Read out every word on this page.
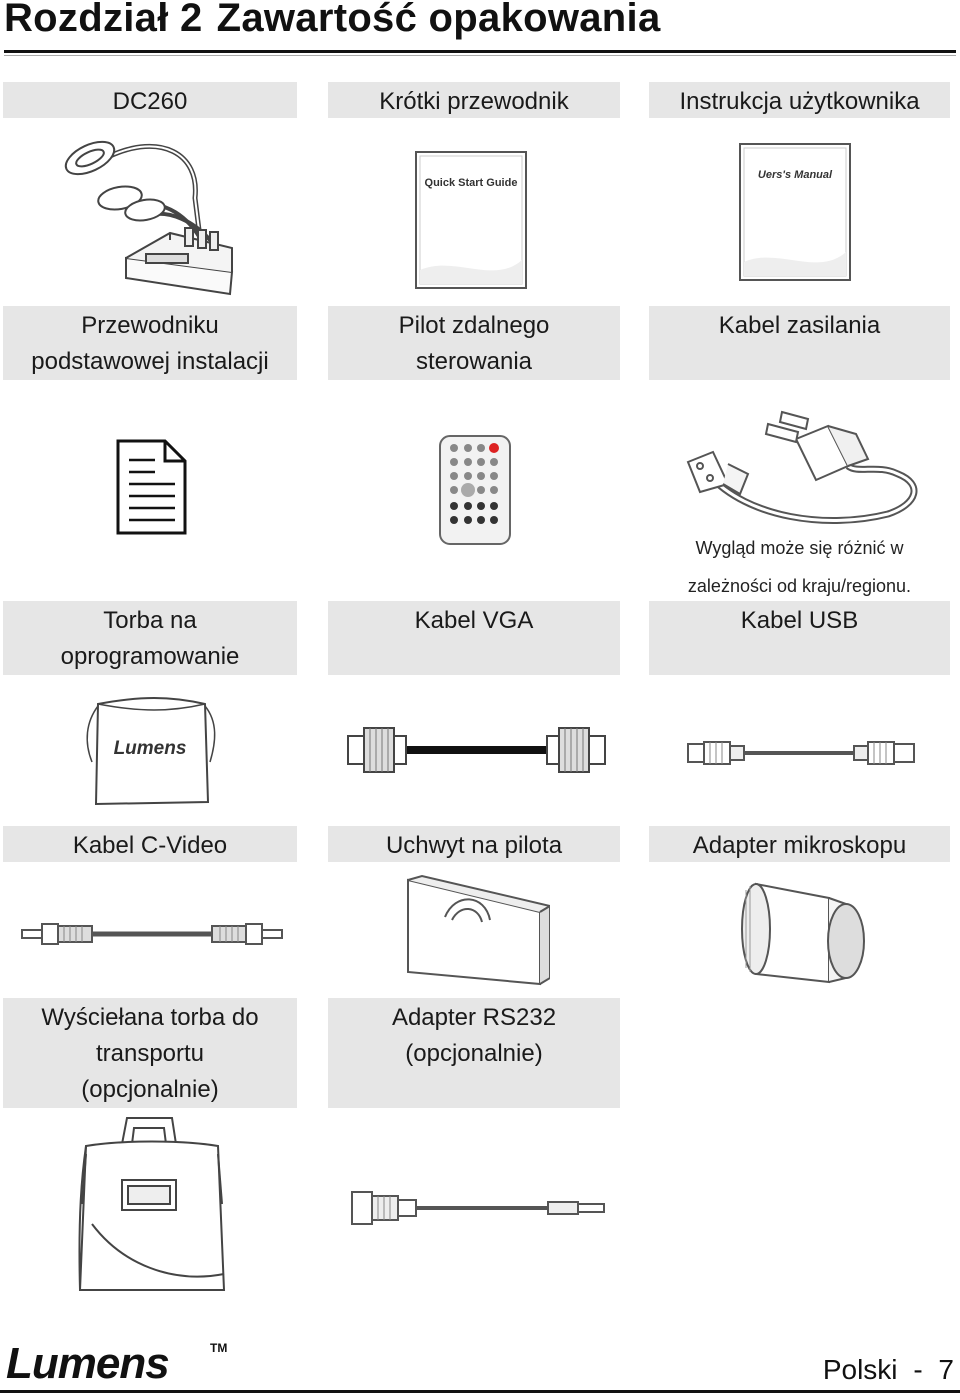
Rozdział 2 Zawartość opakowania
DC260	Krótki przewodnik	Instrukcja użytkownika
Quick Start Guide
Uers's Manual
Przewodniku
podstawowej instalacji
Pilot zdalnego
sterowania
Kabel zasilania
Wygląd może się różnić w
zależności od kraju/regionu.
Torba na
oprogramowanie
Kabel VGA	Kabel USB
Lumens
Kabel C-Video	Uchwyt na pilota	Adapter mikroskopu
Wyściełana torba do
transportu
(opcjonalnie)
Adapter RS232
(opcjonalnie)
Lumens	TM
Polski - 7
